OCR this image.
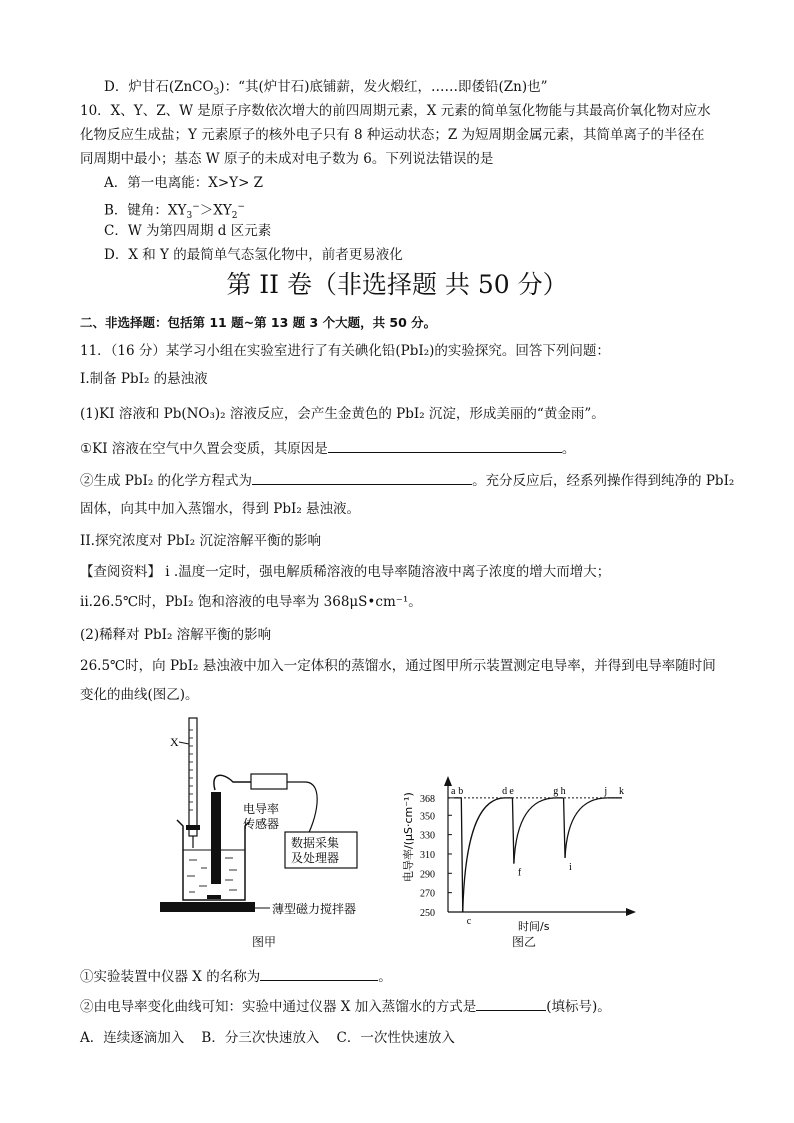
D．炉甘石(ZnCO$_3$)：“其(炉甘石)底铺薪，发火煅红，……即倭铅(Zn)也”
10．X、Y、Z、W 是原子序数依次增大的前四周期元素，X 元素的简单氢化物能与其最高价氧化物对应水
化物反应生成盐；Y 元素原子的核外电子只有 8 种运动状态；Z 为短周期金属元素，其简单离子的半径在
同周期中最小；基态 W 原子的未成对电子数为 6。下列说法错误的是
A．第一电离能：X>Y> Z
B．键角：$XY_3^->XY_2^-$
C．W 为第四周期 d 区元素
D．X 和 Y 的最简单气态氢化物中，前者更易液化
第 II 卷（非选择题 共 50 分）
二、非选择题：包括第 11 题~第 13 题 3 个大题，共 50 分。
11．（16 分）某学习小组在实验室进行了有关碘化铅(PbI₂)的实验探究。回答下列问题：
I.制备 PbI₂ 的悬浊液
(1)KI 溶液和 Pb(NO₃)₂ 溶液反应，会产生金黄色的 PbI₂ 沉淀，形成美丽的“黄金雨”。
①KI 溶液在空气中久置会变质，其原因是	。
②生成 PbI₂ 的化学方程式为	。充分反应后，经系列操作得到纯净的 PbI₂
固体，向其中加入蒸馏水，得到 PbI₂ 悬浊液。
II.探究浓度对 PbI₂ 沉淀溶解平衡的影响
【查阅资料】 i .温度一定时，强电解质稀溶液的电导率随溶液中离子浓度的增大而增大；
ii.26.5℃时，PbI₂ 饱和溶液的电导率为 368μS•cm⁻¹。
(2)稀释对 PbI₂ 溶解平衡的影响
26.5℃时，向 PbI₂ 悬浊液中加入一定体积的蒸馏水，通过图甲所示装置测定电导率，并得到电导率随时间
变化的曲线(图乙)。
X
电导率 传感器
数据采集 及处理器
薄型磁力搅拌器
图甲
电导率/(μS·cm⁻¹)
时间/s
250
270
290
310
330
350
368
a b
c
d e
f
g h
i
j k
图乙
①实验装置中仪器 X 的名称为	。
②由电导率变化曲线可知：实验中通过仪器 X 加入蒸馏水的方式是	(填标号)。
A．连续逐滴加入    B．分三次快速放入    C．一次性快速放入
